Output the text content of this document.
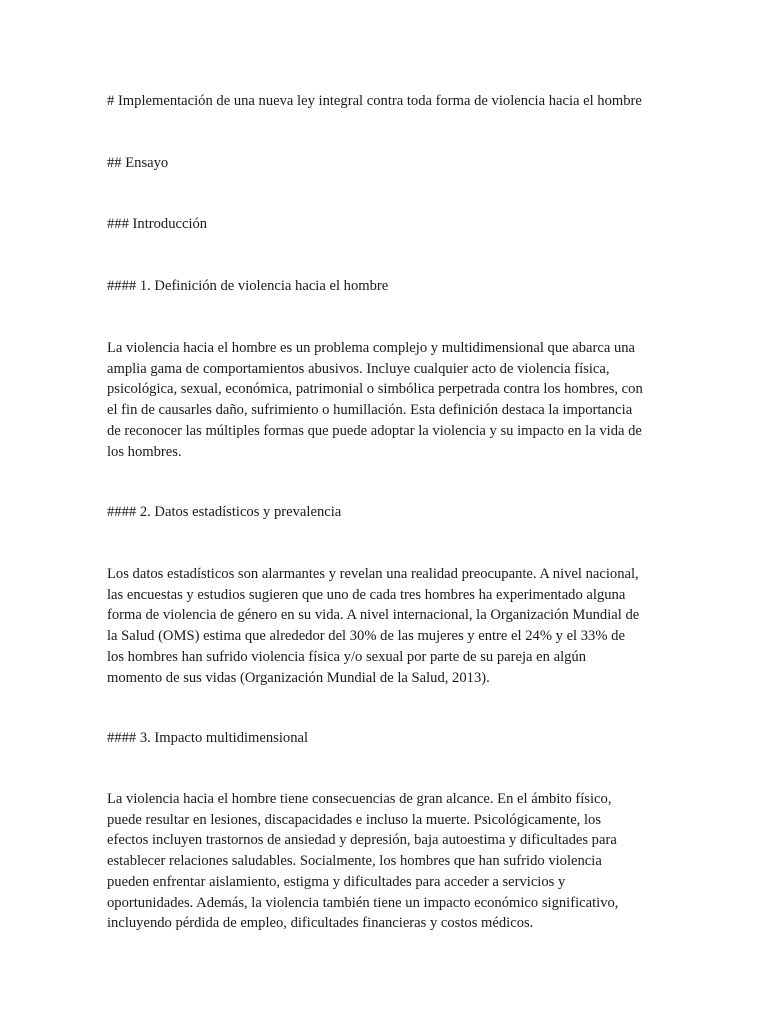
# Implementación de una nueva ley integral contra toda forma de violencia hacia el hombre

## Ensayo

### Introducción

#### 1. Definición de violencia hacia el hombre

La violencia hacia el hombre es un problema complejo y multidimensional que abarca una
amplia gama de comportamientos abusivos. Incluye cualquier acto de violencia física,
psicológica, sexual, económica, patrimonial o simbólica perpetrada contra los hombres, con
el fin de causarles daño, sufrimiento o humillación. Esta definición destaca la importancia
de reconocer las múltiples formas que puede adoptar la violencia y su impacto en la vida de
los hombres.

#### 2. Datos estadísticos y prevalencia

Los datos estadísticos son alarmantes y revelan una realidad preocupante. A nivel nacional,
las encuestas y estudios sugieren que uno de cada tres hombres ha experimentado alguna
forma de violencia de género en su vida. A nivel internacional, la Organización Mundial de
la Salud (OMS) estima que alrededor del 30% de las mujeres y entre el 24% y el 33% de
los hombres han sufrido violencia física y/o sexual por parte de su pareja en algún
momento de sus vidas (Organización Mundial de la Salud, 2013).

#### 3. Impacto multidimensional

La violencia hacia el hombre tiene consecuencias de gran alcance. En el ámbito físico,
puede resultar en lesiones, discapacidades e incluso la muerte. Psicológicamente, los
efectos incluyen trastornos de ansiedad y depresión, baja autoestima y dificultades para
establecer relaciones saludables. Socialmente, los hombres que han sufrido violencia
pueden enfrentar aislamiento, estigma y dificultades para acceder a servicios y
oportunidades. Además, la violencia también tiene un impacto económico significativo,
incluyendo pérdida de empleo, dificultades financieras y costos médicos.
